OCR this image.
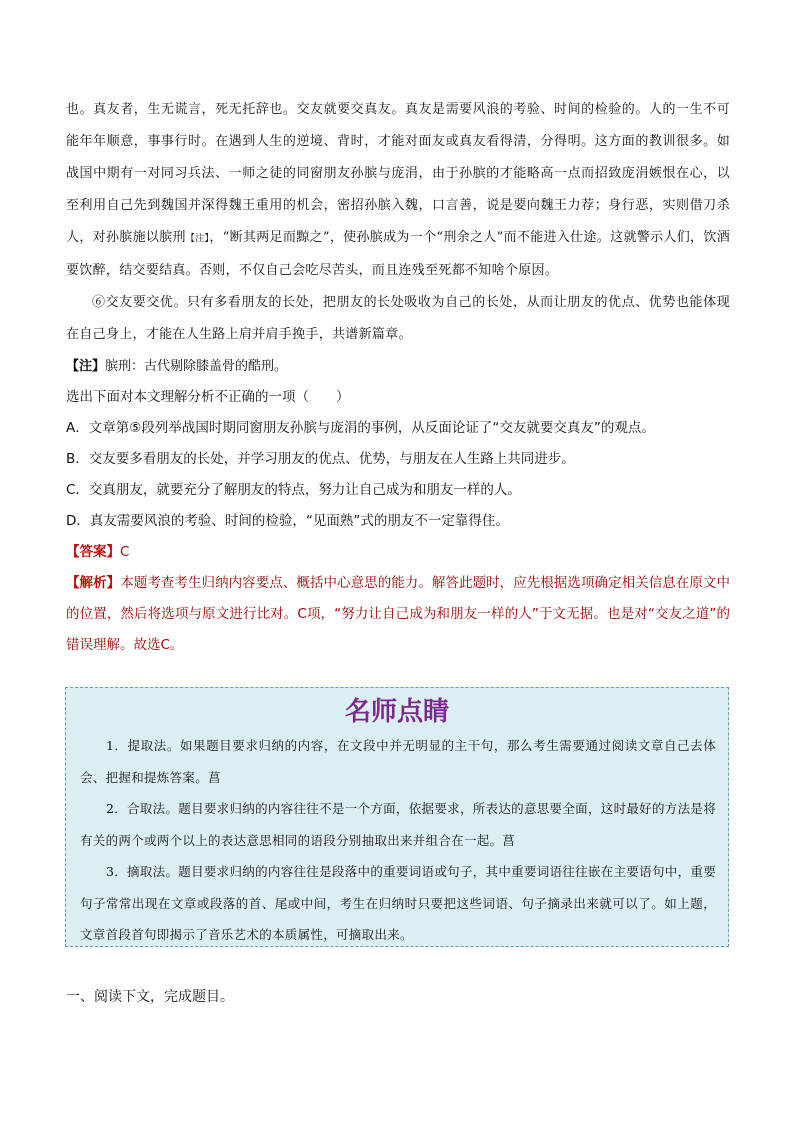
也。真友者，生无谎言，死无托辞也。交友就要交真友。真友是需要风浪的考验、时间的检验的。人的一生不可能年年顺意，事事行时。在遇到人生的逆境、背时，才能对面友或真友看得清，分得明。这方面的教训很多。如战国中期有一对同习兵法、一师之徒的同窗朋友孙膑与庞涓，由于孙膑的才能略高一点而招致庞涓嫉恨在心，以至利用自己先到魏国并深得魏王重用的机会，密招孙膑入魏，口言善，说是要向魏王力荐；身行恶，实则借刀杀人，对孙膑施以膑刑【注】，“断其两足而黥之”，使孙膑成为一个“刑余之人”而不能进入仕途。这就警示人们，饮酒要饮醉，结交要结真。否则，不仅自己会吃尽苦头，而且连残至死都不知啥个原因。

⑥交友要交优。只有多看朋友的长处，把朋友的长处吸收为自己的长处，从而让朋友的优点、优势也能体现在自己身上，才能在人生路上肩并肩手挽手，共谱新篇章。

【注】膑刑：古代剔除膝盖骨的酷刑。

选出下面对本文理解分析不正确的一项（　　）

A．文章第⑤段列举战国时期同窗朋友孙膑与庞涓的事例，从反面论证了“交友就要交真友”的观点。

B．交友要多看朋友的长处，并学习朋友的优点、优势，与朋友在人生路上共同进步。

C．交真朋友，就要充分了解朋友的特点，努力让自己成为和朋友一样的人。

D．真友需要风浪的考验、时间的检验，“见面熟”式的朋友不一定靠得住。

【答案】C

【解析】本题考查考生归纳内容要点、概括中心意思的能力。解答此题时，应先根据选项确定相关信息在原文中的位置，然后将选项与原文进行比对。C项，“努力让自己成为和朋友一样的人”于文无据。也是对“交友之道”的错误理解。故选C。

名师点睛

1．提取法。如果题目要求归纳的内容，在文段中并无明显的主干句，那么考生需要通过阅读文章自己去体会、把握和提炼答案。菖

2．合取法。题目要求归纳的内容往往不是一个方面，依据要求，所表达的意思要全面，这时最好的方法是将有关的两个或两个以上的表达意思相同的语段分别抽取出来并组合在一起。菖

3．摘取法。题目要求归纳的内容往往是段落中的重要词语或句子，其中重要词语往往嵌在主要语句中，重要句子常常出现在文章或段落的首、尾或中间，考生在归纳时只要把这些词语、句子摘录出来就可以了。如上题，文章首段首句即揭示了音乐艺术的本质属性，可摘取出来。

一、阅读下文，完成题目。
